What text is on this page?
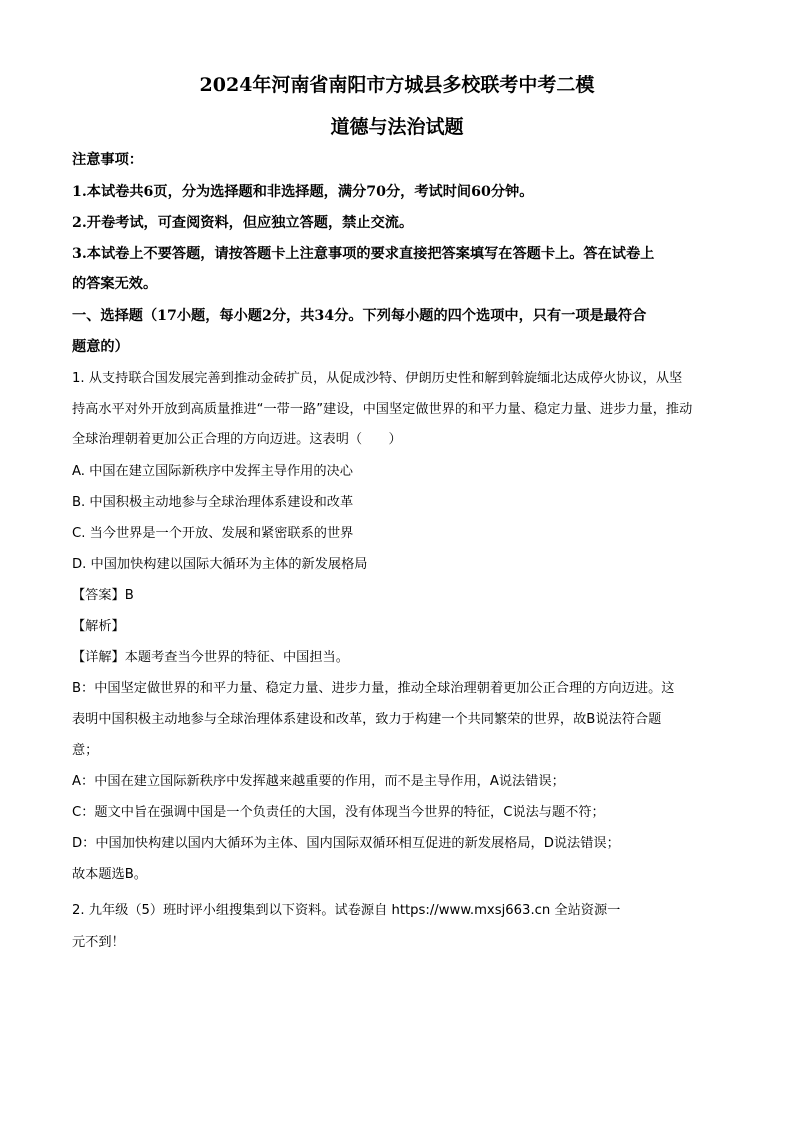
2024年河南省南阳市方城县多校联考中考二模
道德与法治试题

注意事项：

1.本试卷共6页，分为选择题和非选择题，满分70分，考试时间60分钟。

2.开卷考试，可查阅资料，但应独立答题，禁止交流。

3.本试卷上不要答题，请按答题卡上注意事项的要求直接把答案填写在答题卡上。答在试卷上

的答案无效。

一、选择题（17小题，每小题2分，共34分。下列每小题的四个选项中，只有一项是最符合

题意的）

1. 从支持联合国发展完善到推动金砖扩员，从促成沙特、伊朗历史性和解到斡旋缅北达成停火协议，从坚

持高水平对外开放到高质量推进“一带一路”建设，中国坚定做世界的和平力量、稳定力量、进步力量，推动

全球治理朝着更加公正合理的方向迈进。这表明（　　）

A. 中国在建立国际新秩序中发挥主导作用的决心

B. 中国积极主动地参与全球治理体系建设和改革

C. 当今世界是一个开放、发展和紧密联系的世界

D. 中国加快构建以国际大循环为主体的新发展格局

【答案】B

【解析】

【详解】本题考查当今世界的特征、中国担当。

B：中国坚定做世界的和平力量、稳定力量、进步力量，推动全球治理朝着更加公正合理的方向迈进。这

表明中国积极主动地参与全球治理体系建设和改革，致力于构建一个共同繁荣的世界，故B说法符合题

意；

A：中国在建立国际新秩序中发挥越来越重要的作用，而不是主导作用，A说法错误；

C：题文中旨在强调中国是一个负责任的大国，没有体现当今世界的特征，C说法与题不符；

D：中国加快构建以国内大循环为主体、国内国际双循环相互促进的新发展格局，D说法错误；

故本题选B。

2. 九年级（5）班时评小组搜集到以下资料。试卷源自 https://www.mxsj663.cn 全站资源一

元不到！
